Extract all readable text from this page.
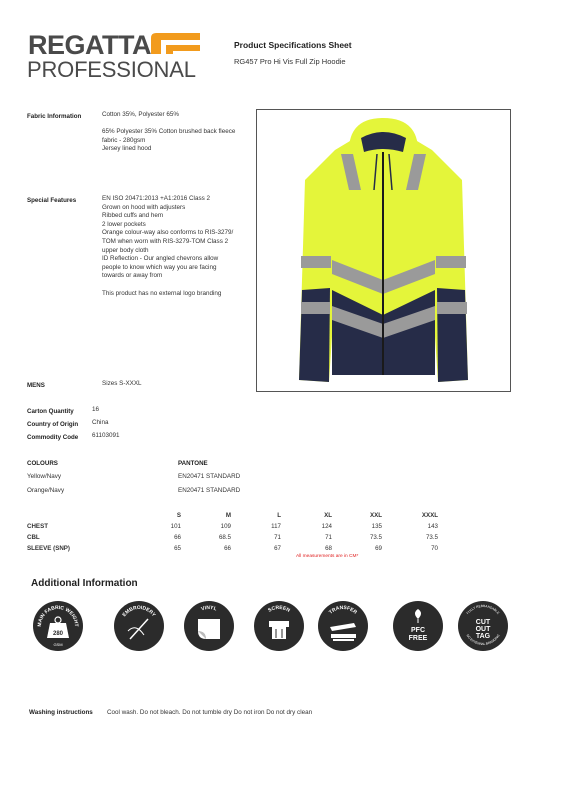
REGATTA
PROFESSIONAL
Product Specifications Sheet
RG457 Pro Hi Vis Full Zip Hoodie
Fabric Information	Cotton 35%, Polyester 65%
65% Polyester 35% Cotton brushed back fleece
fabric - 280gsm
Jersey lined hood
Special Features	EN ISO 20471:2013 +A1:2016 Class 2
Grown on hood with adjusters
Ribbed cuffs and hem
2 lower pockets
Orange colour-way also conforms to RIS-3279/
TOM when worn with RIS-3279-TOM Class 2
upper body cloth
ID Reflection - Our angled chevrons allow
people to know which way you are facing
towards or away from
This product has no external logo branding
MENS	Sizes S-XXXL
Carton Quantity	16
Country of Origin China
Commodity Code 61103091
COLOURS	PANTONE
Yellow/Navy	EN20471 STANDARD
Orange/Navy	EN20471 STANDARD
	S	M	L	XL	XXL	XXXL
CHEST	101	109	117	124	135	143
CBL	66	68.5	71	71	73.5	73.5
SLEEVE (SNP)	65	66	67	68	69	70
All measurements are in CM*
Additional Information
MAIN FABRIC WEIGHT
280
GSM
EMBROIDERY
VINYL	SCREEN	TRANSFER
PFC
FREE
FULLY REBRANDABLE
NO EXTERNAL BRANDING
CUT
OUT
TAG
Washing instructions Cool wash. Do not bleach. Do not tumble dry Do not iron Do not dry clean
